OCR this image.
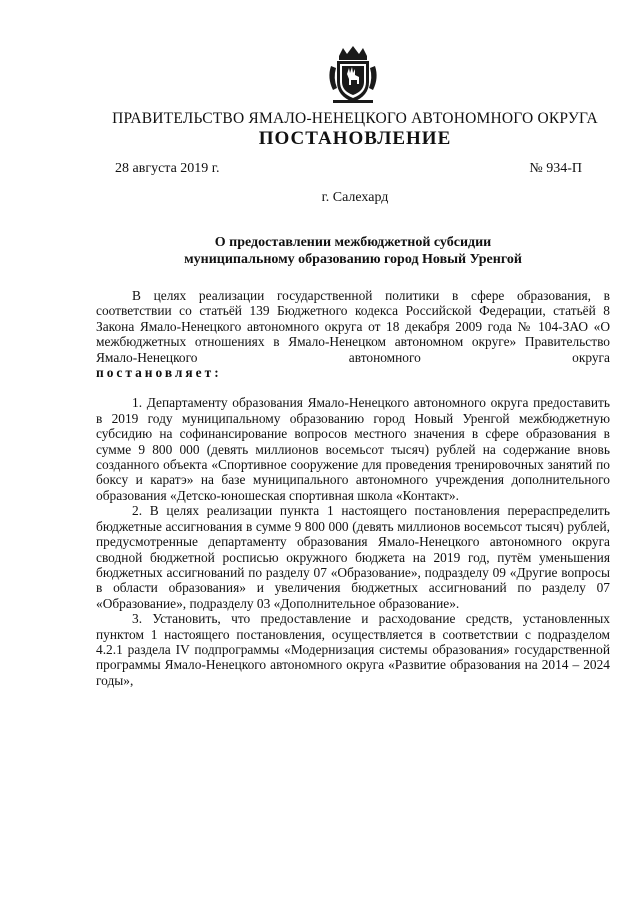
ПРАВИТЕЛЬСТВО ЯМАЛО-НЕНЕЦКОГО АВТОНОМНОГО ОКРУГА
ПОСТАНОВЛЕНИЕ
28 августа 2019 г.	№ 934-П
г. Салехард
О предоставлении межбюджетной субсидии
муниципальному образованию город Новый Уренгой

В целях реализации государственной политики в сфере образования, в соответствии со статьёй 139 Бюджетного кодекса Российской Федерации, статьёй 8 Закона Ямало-Ненецкого автономного округа от 18 декабря 2009 года № 104-ЗАО «О межбюджетных отношениях в Ямало-Ненецком автономном округе» Правительство Ямало-Ненецкого автономного округа

постановляет:

1. Департаменту образования Ямало-Ненецкого автономного округа предоставить в 2019 году муниципальному образованию город Новый Уренгой межбюджетную субсидию на софинансирование вопросов местного значения в сфере образования в сумме 9 800 000 (девять миллионов восемьсот тысяч) рублей на содержание вновь созданного объекта «Спортивное сооружение для проведения тренировочных занятий по боксу и каратэ» на базе муниципального автономного учреждения дополнительного образования «Детско-юношеская спортивная школа «Контакт».

2. В целях реализации пункта 1 настоящего постановления перераспределить бюджетные ассигнования в сумме 9 800 000 (девять миллионов восемьсот тысяч) рублей, предусмотренные департаменту образования Ямало-Ненецкого автономного округа сводной бюджетной росписью окружного бюджета на 2019 год, путём уменьшения бюджетных ассигнований по разделу 07 «Образование», подразделу 09 «Другие вопросы в области образования» и увеличения бюджетных ассигнований по разделу 07 «Образование», подразделу 03 «Дополнительное образование».

3. Установить, что предоставление и расходование средств, установленных пунктом 1 настоящего постановления, осуществляется в соответствии с подразделом 4.2.1 раздела IV подпрограммы «Модернизация системы образования» государственной программы Ямало-Ненецкого автономного округа «Развитие образования на 2014 – 2024 годы»,
